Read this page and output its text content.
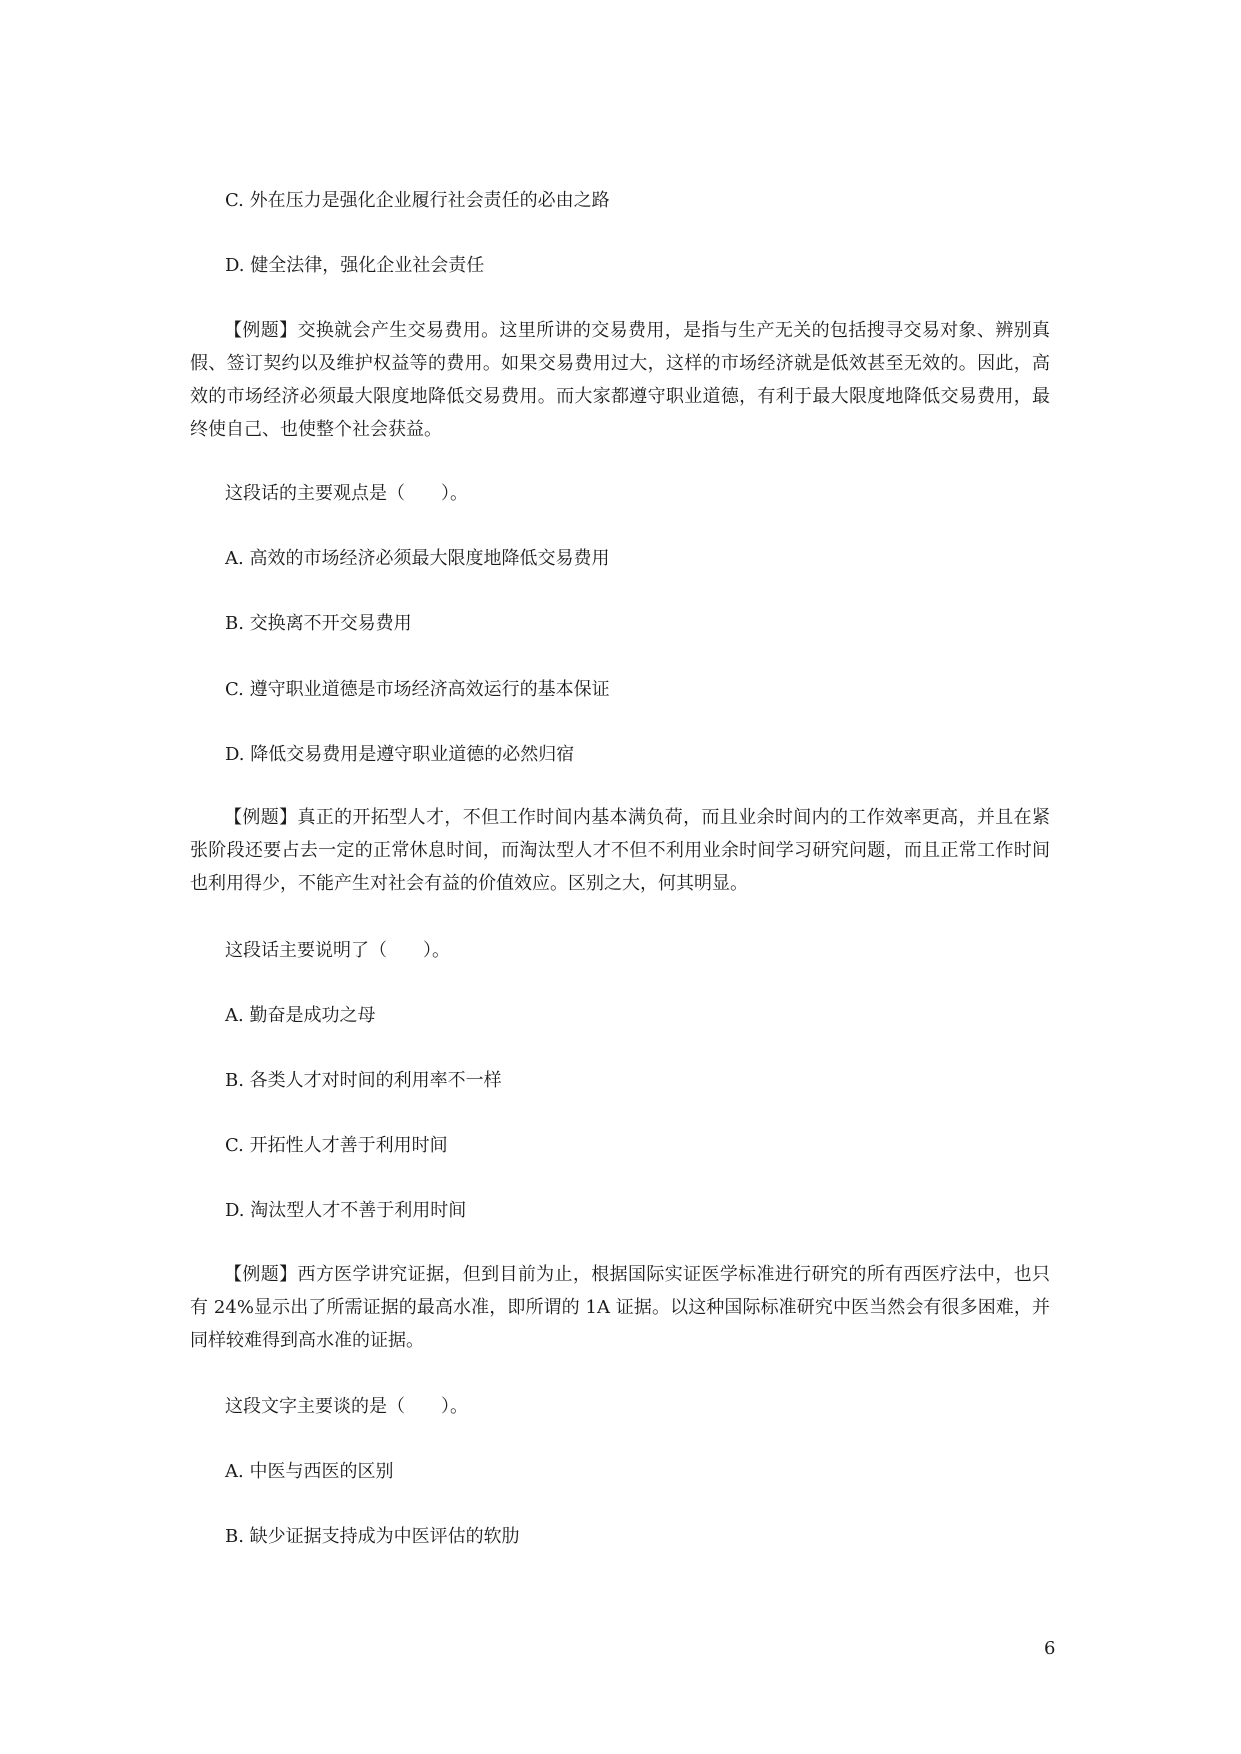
C. 外在压力是强化企业履行社会责任的必由之路
D. 健全法律，强化企业社会责任
【例题】交换就会产生交易费用。这里所讲的交易费用，是指与生产无关的包括搜寻交易对象、辨别真假、签订契约以及维护权益等的费用。如果交易费用过大，这样的市场经济就是低效甚至无效的。因此，高效的市场经济必须最大限度地降低交易费用。而大家都遵守职业道德，有利于最大限度地降低交易费用，最终使自己、也使整个社会获益。
这段话的主要观点是（　　）。
A. 高效的市场经济必须最大限度地降低交易费用
B. 交换离不开交易费用
C. 遵守职业道德是市场经济高效运行的基本保证
D. 降低交易费用是遵守职业道德的必然归宿
【例题】真正的开拓型人才，不但工作时间内基本满负荷，而且业余时间内的工作效率更高，并且在紧张阶段还要占去一定的正常休息时间，而淘汰型人才不但不利用业余时间学习研究问题，而且正常工作时间也利用得少，不能产生对社会有益的价值效应。区别之大，何其明显。
这段话主要说明了（　　）。
A. 勤奋是成功之母
B. 各类人才对时间的利用率不一样
C. 开拓性人才善于利用时间
D. 淘汰型人才不善于利用时间
【例题】西方医学讲究证据，但到目前为止，根据国际实证医学标准进行研究的所有西医疗法中，也只有 24%显示出了所需证据的最高水准，即所谓的 1A 证据。以这种国际标准研究中医当然会有很多困难，并同样较难得到高水准的证据。
这段文字主要谈的是（　　）。
A. 中医与西医的区别
B. 缺少证据支持成为中医评估的软肋
6
